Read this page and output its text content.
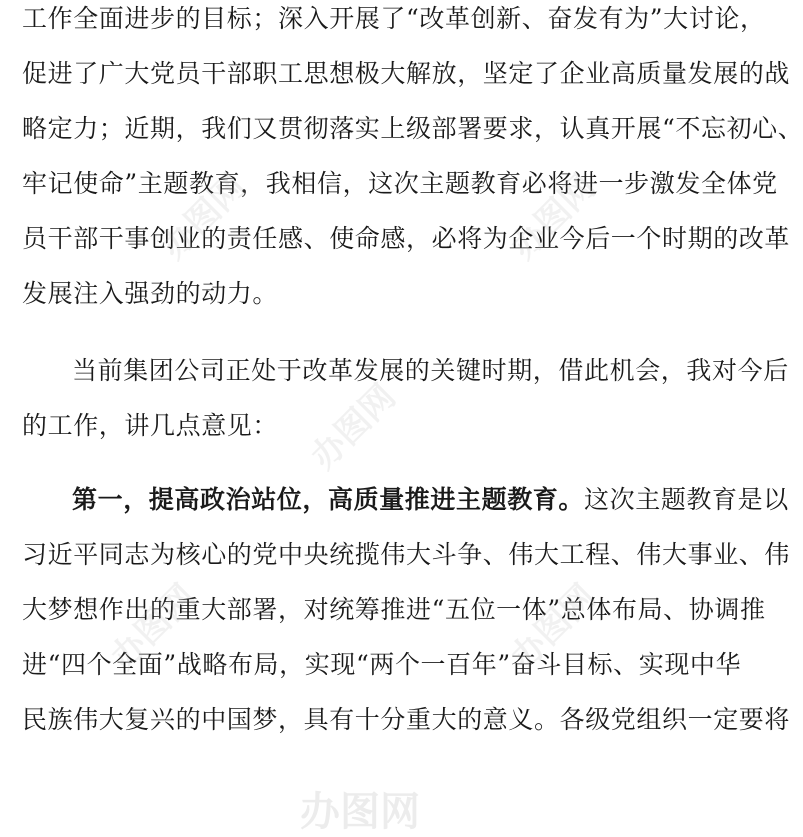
工作全面进步的目标；深入开展了“改革创新、奋发有为”大讨论，
促进了广大党员干部职工思想极大解放，坚定了企业高质量发展的战
略定力；近期，我们又贯彻落实上级部署要求，认真开展“不忘初心、
牢记使命”主题教育，我相信，这次主题教育必将进一步激发全体党
员干部干事创业的责任感、使命感，必将为企业今后一个时期的改革
发展注入强劲的动力。
当前集团公司正处于改革发展的关键时期，借此机会，我对今后
的工作，讲几点意见：
第一，提高政治站位，高质量推进主题教育。这次主题教育是以
习近平同志为核心的党中央统揽伟大斗争、伟大工程、伟大事业、伟
大梦想作出的重大部署，对统筹推进“五位一体”总体布局、协调推
进“四个全面”战略布局，实现“两个一百年”奋斗目标、实现中华
民族伟大复兴的中国梦，具有十分重大的意义。各级党组织一定要将
办图网	办图网
办图网
办图网	办图网
办图网
